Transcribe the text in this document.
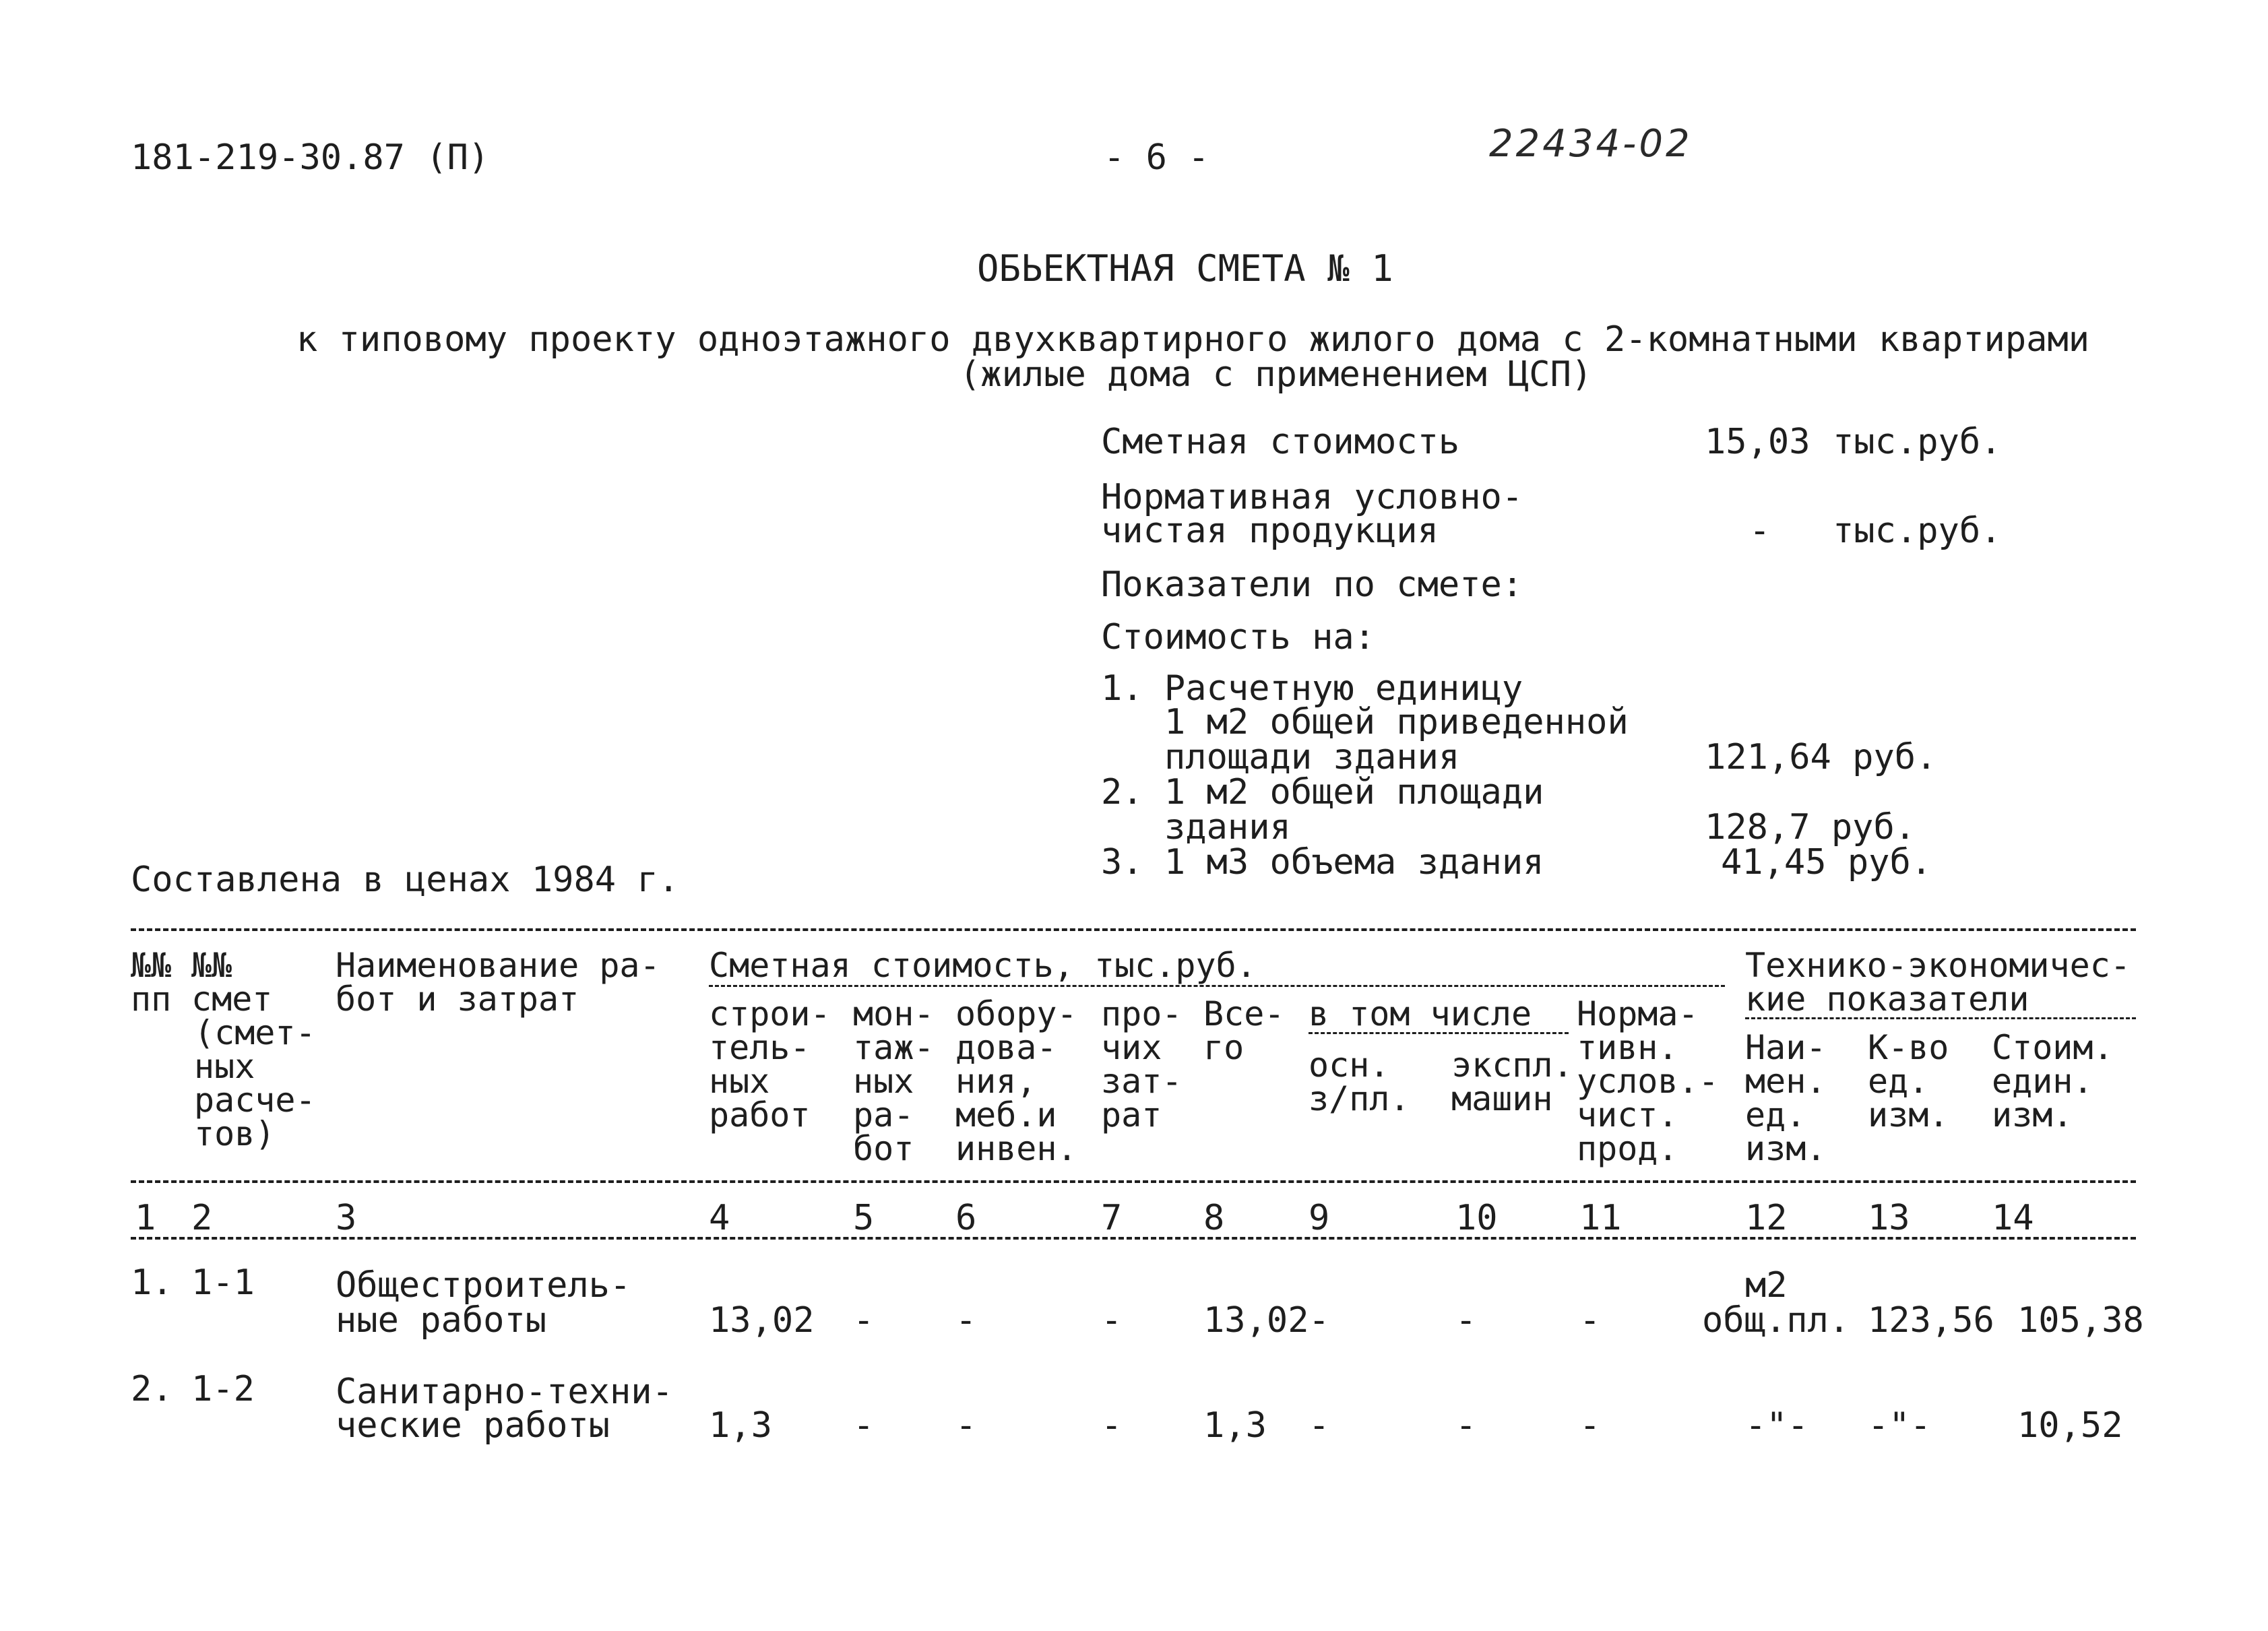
181-219-30.87 (П)	- 6 -	22434-02
ОБЬЕКТНАЯ СМЕТА № 1
к типовому проекту одноэтажного двухквартирного жилого дома с 2-комнатными квартирами
(жилые дома с применением ЦСП)
Сметная стоимость	15,03 тыс.руб.
Нормативная условно-
чистая продукция	- тыс.руб.
Показатели по смете:
Стоимость на:
1. Расчетную единицу
1 м2 общей приведенной
площади здания	121,64 руб.
2. 1 м2 общей площади
здания	128,7 руб.
3. 1 м3 объема здания	41,45 руб.
Составлена в ценах 1984 г.
№№
пп
№№
смет
(смет-
ных
расче-
тов)
Наименование ра-
бот и затрат
Сметная стоимость, тыс.руб.	Технико-экономичес-
кие показатели
строи-
тель-
ных
работ
мон-
таж-
ных
ра-
бот
обору-
дова-
ния,
меб.и
инвен.
про-
чих
зат-
рат
Все-
го
в том числе
осн.
з/пл.
экспл.
машин
Норма-
тивн.
услов.-
чист.
прод.
Наи-
мен.
ед.
изм.
К-во
ед.
изм.
Стоим.
един.
изм.
1 2	3	4	5 6	7 8 9	10 11	12 13 14
1. 1-1 Общестроитель-
ные работы	13,02 - -	- 13,02 -	-	-
м2
общ.пл. 123,56 105,38
2. 1-2 Санитарно-техни-
ческие работы	1,3 - -	- 1,3 -	-	-	-"- -"- 10,52
